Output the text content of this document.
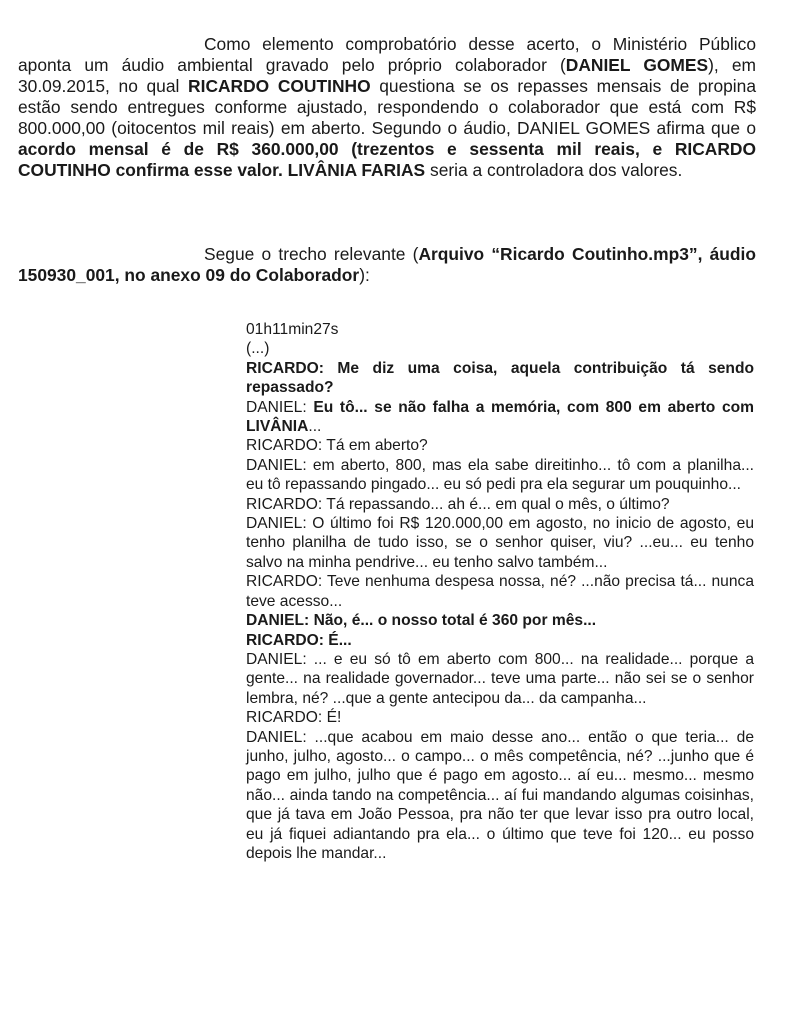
Como elemento comprobatório desse acerto, o Ministério Público aponta um áudio ambiental gravado pelo próprio colaborador (DANIEL GOMES), em 30.09.2015, no qual RICARDO COUTINHO questiona se os repasses mensais de propina estão sendo entregues conforme ajustado, respondendo o colaborador que está com R$ 800.000,00 (oitocentos mil reais) em aberto. Segundo o áudio, DANIEL GOMES afirma que o acordo mensal é de R$ 360.000,00 (trezentos e sessenta mil reais, e RICARDO COUTINHO confirma esse valor. LIVÂNIA FARIAS seria a controladora dos valores.

Segue o trecho relevante (Arquivo “Ricardo Coutinho.mp3”, áudio 150930_001, no anexo 09 do Colaborador):

01h11min27s

(...)

RICARDO: Me diz uma coisa, aquela contribuição tá sendo repassado?

DANIEL: Eu tô... se não falha a memória, com 800 em aberto com LIVÂNIA...

RICARDO: Tá em aberto?

DANIEL: em aberto, 800, mas ela sabe direitinho... tô com a planilha... eu tô repassando pingado... eu só pedi pra ela segurar um pouquinho...

RICARDO: Tá repassando... ah é... em qual o mês, o último?

DANIEL: O último foi R$ 120.000,00 em agosto, no inicio de agosto, eu tenho planilha de tudo isso, se o senhor quiser, viu? ...eu... eu tenho salvo na minha pendrive... eu tenho salvo também...

RICARDO: Teve nenhuma despesa nossa, né? ...não precisa tá... nunca teve acesso...

DANIEL: Não, é... o nosso total é 360 por mês...

RICARDO: É...

DANIEL: ... e eu só tô em aberto com 800... na realidade... porque a gente... na realidade governador... teve uma parte... não sei se o senhor lembra, né? ...que a gente antecipou da... da campanha...

RICARDO: É!

DANIEL: ...que acabou em maio desse ano... então o que teria... de junho, julho, agosto... o campo... o mês competência, né? ...junho que é pago em julho, julho que é pago em agosto... aí eu... mesmo... mesmo não... ainda tando na competência... aí fui mandando algumas coisinhas, que já tava em João Pessoa, pra não ter que levar isso pra outro local, eu já fiquei adiantando pra ela... o último que teve foi 120... eu posso depois lhe mandar...
